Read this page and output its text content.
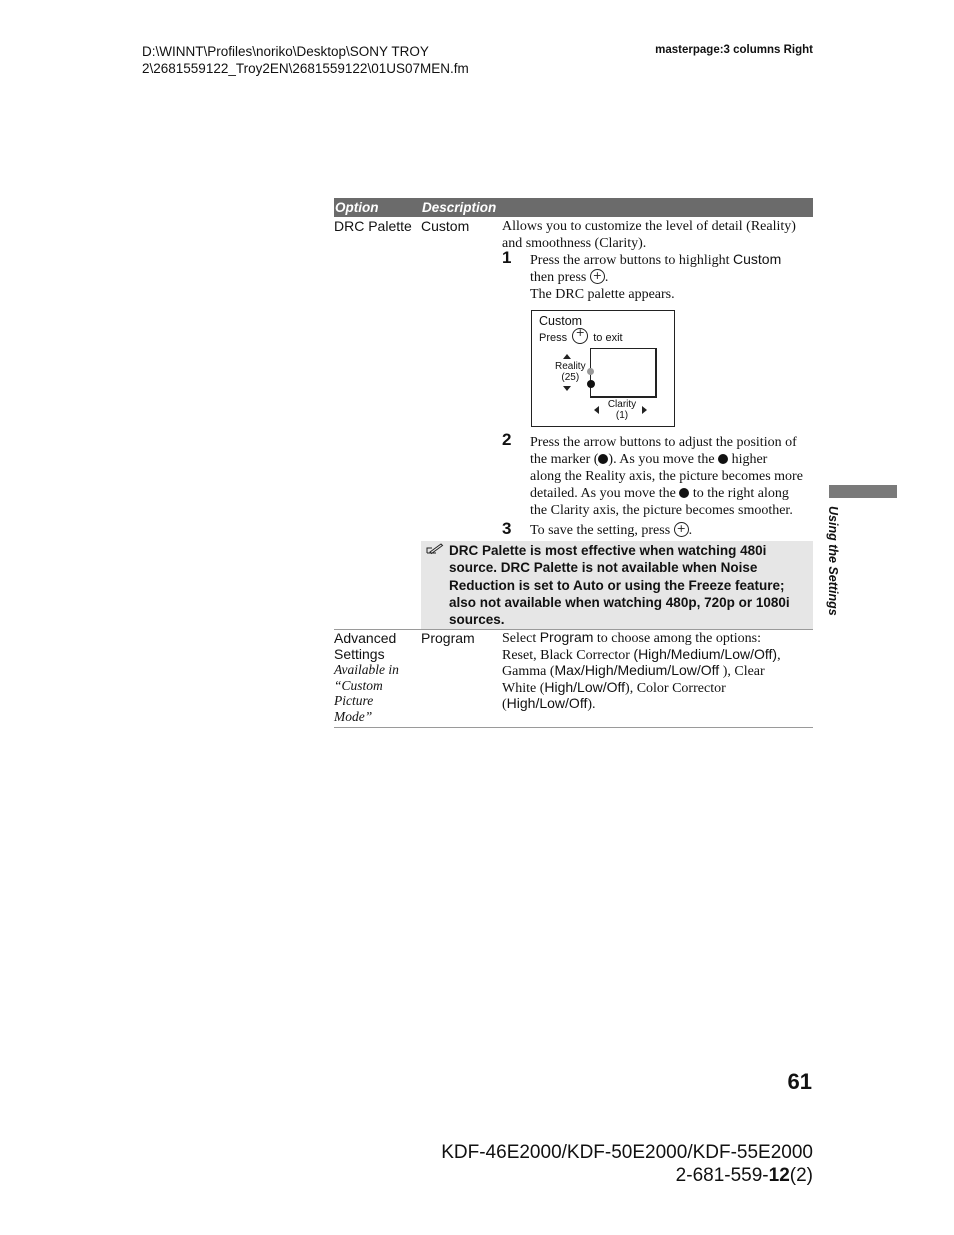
D:\WINNT\Profiles\noriko\Desktop\SONY TROY
2\2681559122_Troy2EN\2681559122\01US07MEN.fm
masterpage:3 columns Right
Option	Description
DRC Palette Custom Allows you to customize the level of detail (Reality)
and smoothness (Clarity).
1 Press the arrow buttons to highlight Custom
then press + .
The DRC palette appears.
Custom
Press + to exit
Reality
(25)
Clarity
(1)
2 Press the arrow buttons to adjust the position of
the marker ( ). As you move the higher
along the Reality axis, the picture becomes more
detailed. As you move the to the right along
the Clarity axis, the picture becomes smoother.
3 To save the setting, press + .
DRC Palette is most effective when watching 480i
source. DRC Palette is not available when Noise
Reduction is set to Auto or using the Freeze feature;
also not available when watching 480p, 720p or 1080i
sources.
Advanced
Settings
Available in
“Custom
Picture
Mode”
Program Select Program to choose among the options:
Reset, Black Corrector (High/Medium/Low/Off),
Gamma (Max/High/Medium/Low/Off ), Clear
White (High/Low/Off), Color Corrector
(High/Low/Off).
Using the Settings
61
KDF-46E2000/KDF-50E2000/KDF-55E2000
2-681-559-12(2)
